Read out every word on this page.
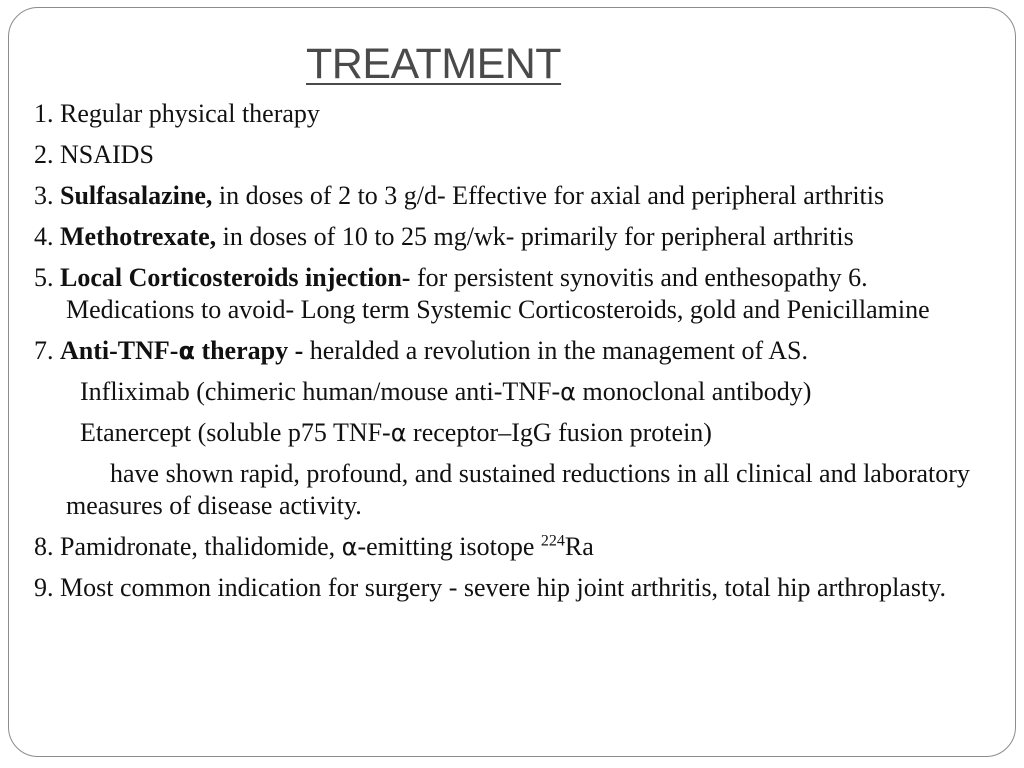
TREATMENT
1. Regular physical therapy
2. NSAIDS
3. Sulfasalazine, in doses of 2 to 3 g/d- Effective for axial and peripheral arthritis
4. Methotrexate, in doses of 10 to 25 mg/wk- primarily for peripheral arthritis
5. Local Corticosteroids injection- for persistent synovitis and enthesopathy 6. Medications to avoid- Long term Systemic Corticosteroids, gold and Penicillamine
7. Anti-TNF-α therapy - heralded a revolution in the management of AS.
Infliximab (chimeric human/mouse anti-TNF-α monoclonal antibody)
Etanercept (soluble p75 TNF-α receptor–IgG fusion protein)
have shown rapid, profound, and sustained reductions in all clinical and laboratory measures of disease activity.
8. Pamidronate, thalidomide, α-emitting isotope $^{224}$Ra
9. Most common indication for surgery - severe hip joint arthritis, total hip arthroplasty.
